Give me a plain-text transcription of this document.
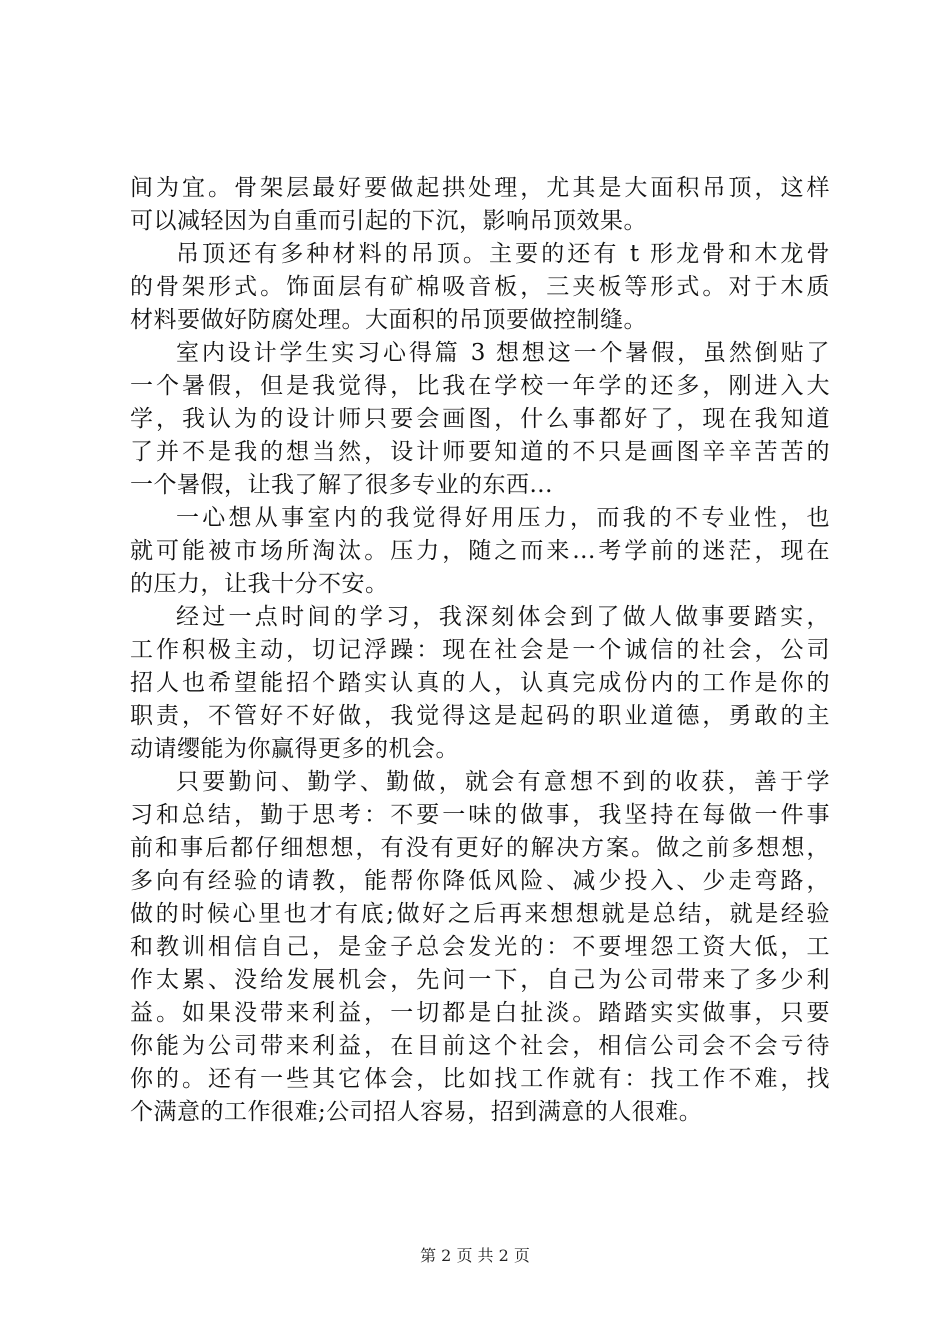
间为宜。骨架层最好要做起拱处理，尤其是大面积吊顶，这样
可以减轻因为自重而引起的下沉，影响吊顶效果。
吊顶还有多种材料的吊顶。主要的还有 t 形龙骨和木龙骨
的骨架形式。饰面层有矿棉吸音板，三夹板等形式。对于木质
材料要做好防腐处理。大面积的吊顶要做控制缝。
室内设计学生实习心得篇 3 想想这一个暑假，虽然倒贴了
一个暑假，但是我觉得，比我在学校一年学的还多，刚进入大
学，我认为的设计师只要会画图，什么事都好了，现在我知道
了并不是我的想当然，设计师要知道的不只是画图辛辛苦苦的
一个暑假，让我了解了很多专业的东西...
一心想从事室内的我觉得好用压力，而我的不专业性，也
就可能被市场所淘汰。压力，随之而来...考学前的迷茫，现在
的压力，让我十分不安。
经过一点时间的学习，我深刻体会到了做人做事要踏实，
工作积极主动，切记浮躁：现在社会是一个诚信的社会，公司
招人也希望能招个踏实认真的人，认真完成份内的工作是你的
职责，不管好不好做，我觉得这是起码的职业道德，勇敢的主
动请缨能为你赢得更多的机会。
只要勤问、勤学、勤做，就会有意想不到的收获，善于学
习和总结，勤于思考：不要一味的做事，我坚持在每做一件事
前和事后都仔细想想，有没有更好的解决方案。做之前多想想，
多向有经验的请教，能帮你降低风险、减少投入、少走弯路，
做的时候心里也才有底;做好之后再来想想就是总结，就是经验
和教训相信自己，是金子总会发光的：不要埋怨工资大低，工
作太累、没给发展机会，先问一下，自己为公司带来了多少利
益。如果没带来利益，一切都是白扯淡。踏踏实实做事，只要
你能为公司带来利益，在目前这个社会，相信公司会不会亏待
你的。还有一些其它体会，比如找工作就有：找工作不难，找
个满意的工作很难;公司招人容易，招到满意的人很难。
第 2 页 共 2 页
